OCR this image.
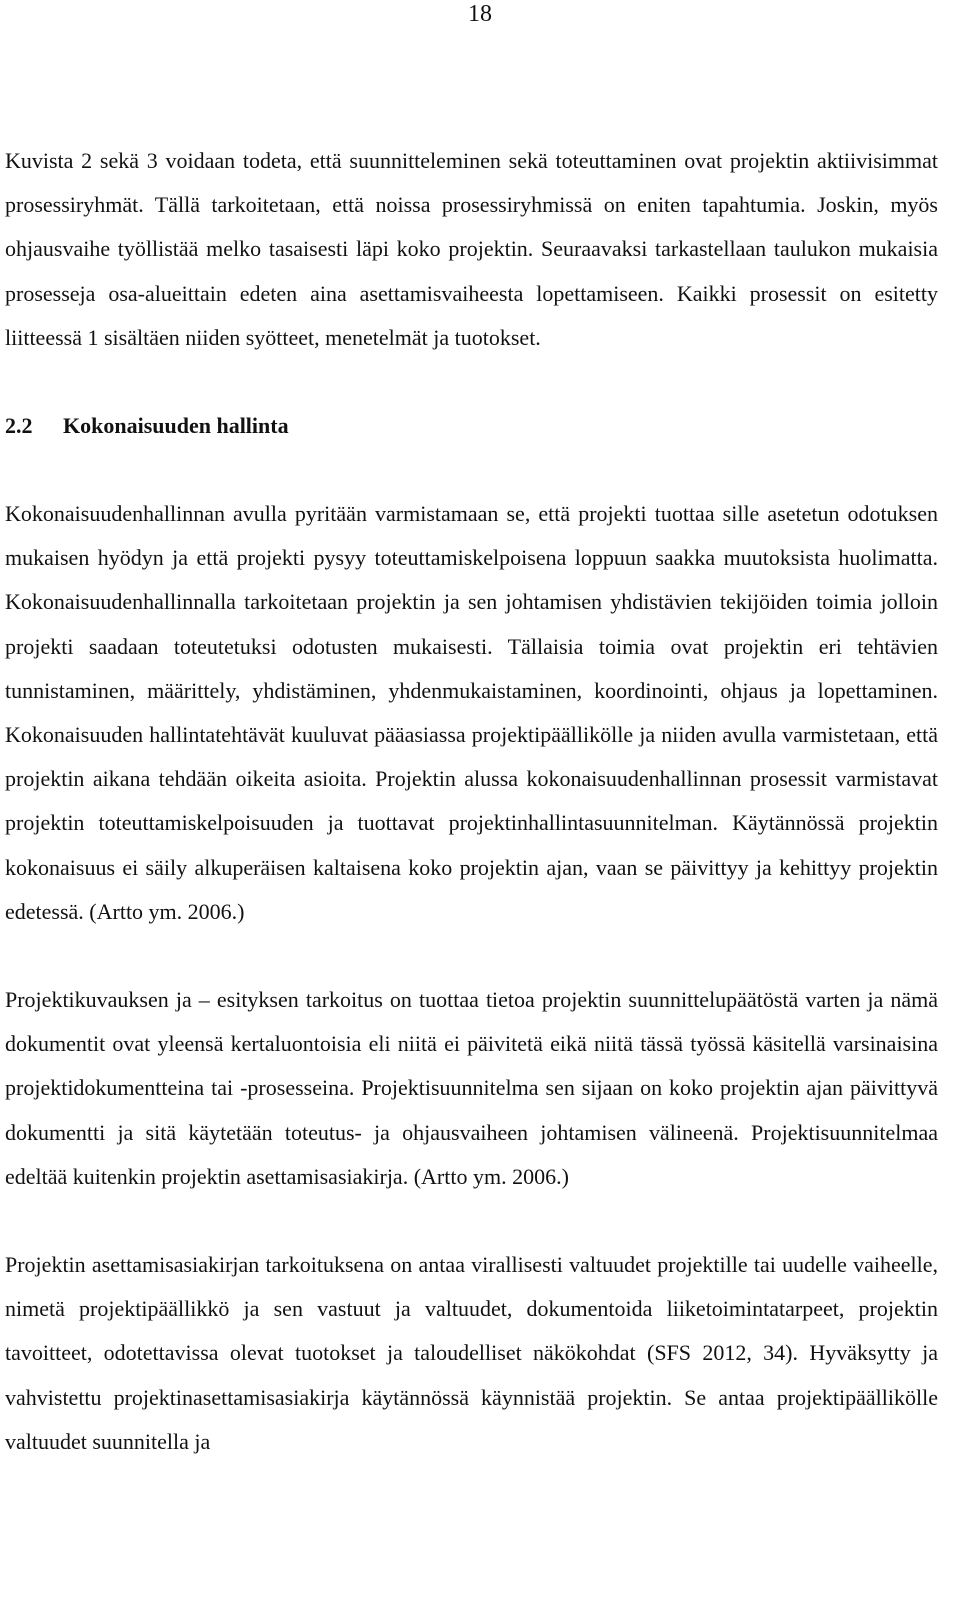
18

Kuvista 2 sekä 3 voidaan todeta, että suunnitteleminen sekä toteuttaminen ovat projektin aktiivisimmat prosessiryhmät. Tällä tarkoitetaan, että noissa prosessiryhmissä on eniten tapahtumia. Joskin, myös ohjausvaihe työllistää melko tasaisesti läpi koko projektin. Seuraavaksi tarkastellaan taulukon mukaisia prosesseja osa-alueittain edeten aina asettamisvaiheesta lopettamiseen. Kaikki prosessit on esitetty liitteessä 1 sisältäen niiden syötteet, menetelmät ja tuotokset.

2.2 Kokonaisuuden hallinta

Kokonaisuudenhallinnan avulla pyritään varmistamaan se, että projekti tuottaa sille asetetun odotuksen mukaisen hyödyn ja että projekti pysyy toteuttamiskelpoisena loppuun saakka muutoksista huolimatta. Kokonaisuudenhallinnalla tarkoitetaan projektin ja sen johtamisen yhdistävien tekijöiden toimia jolloin projekti saadaan toteutetuksi odotusten mukaisesti. Tällaisia toimia ovat projektin eri tehtävien tunnistaminen, määrittely, yhdistäminen, yhdenmukaistaminen, koordinointi, ohjaus ja lopettaminen. Kokonaisuuden hallintatehtävät kuuluvat pääasiassa projektipäällikölle ja niiden avulla varmistetaan, että projektin aikana tehdään oikeita asioita. Projektin alussa kokonaisuudenhallinnan prosessit varmistavat projektin toteuttamiskelpoisuuden ja tuottavat projektinhallintasuunnitelman. Käytännössä projektin kokonaisuus ei säily alkuperäisen kaltaisena koko projektin ajan, vaan se päivittyy ja kehittyy projektin edetessä. (Artto ym. 2006.)

Projektikuvauksen ja – esityksen tarkoitus on tuottaa tietoa projektin suunnittelupäätöstä varten ja nämä dokumentit ovat yleensä kertaluontoisia eli niitä ei päivitetä eikä niitä tässä työssä käsitellä varsinaisina projektidokumentteina tai -prosesseina. Projektisuunnitelma sen sijaan on koko projektin ajan päivittyvä dokumentti ja sitä käytetään toteutus- ja ohjausvaiheen johtamisen välineenä. Projektisuunnitelmaa edeltää kuitenkin projektin asettamisasiakirja. (Artto ym. 2006.)

Projektin asettamisasiakirjan tarkoituksena on antaa virallisesti valtuudet projektille tai uudelle vaiheelle, nimetä projektipäällikkö ja sen vastuut ja valtuudet, dokumentoida liiketoimintatarpeet, projektin tavoitteet, odotettavissa olevat tuotokset ja taloudelliset näkökohdat (SFS 2012, 34). Hyväksytty ja vahvistettu projektinasettamisasiakirja käytännössä käynnistää projektin. Se antaa projektipäällikölle valtuudet suunnitella ja
